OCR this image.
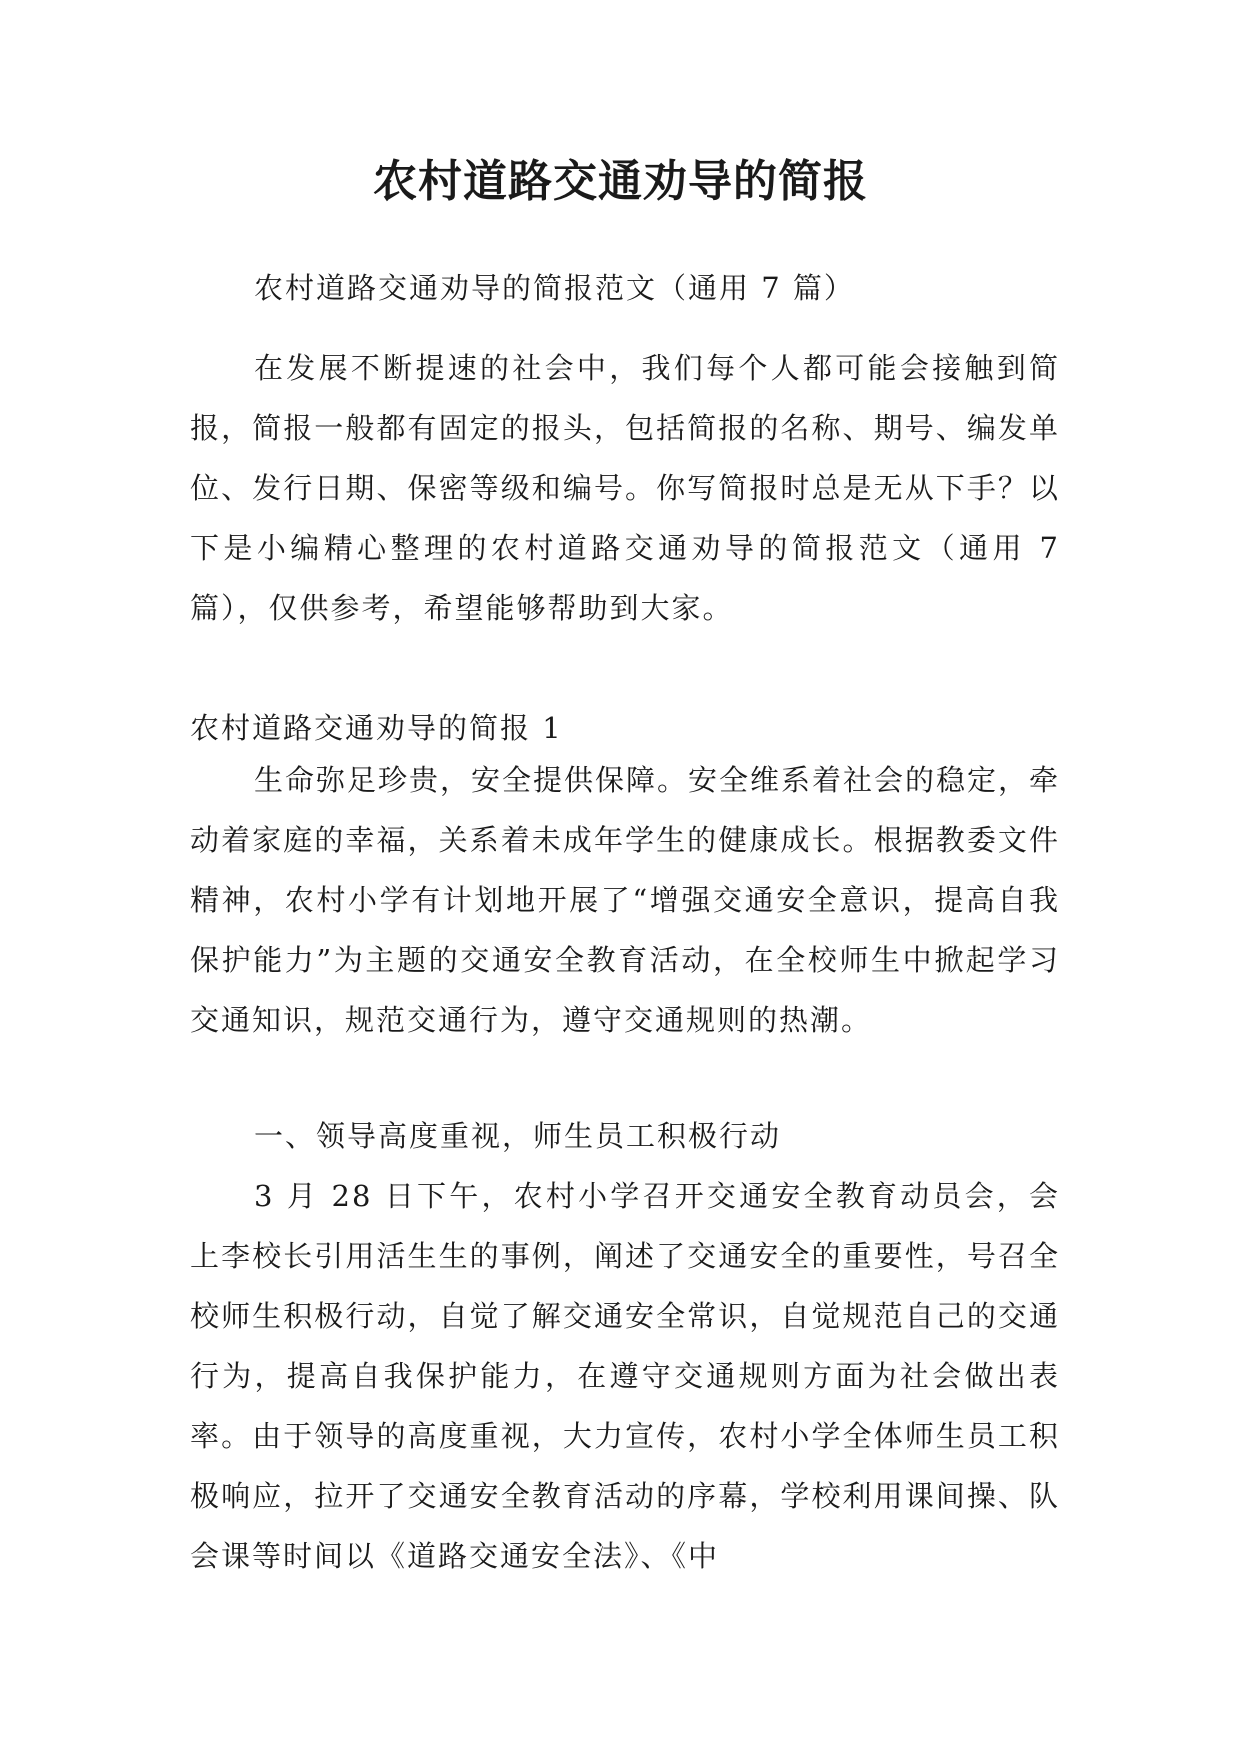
农村道路交通劝导的简报

农村道路交通劝导的简报范文（通用 7 篇）

在发展不断提速的社会中，我们每个人都可能会接触到简报，简报一般都有固定的报头，包括简报的名称、期号、编发单位、发行日期、保密等级和编号。你写简报时总是无从下手？以下是小编精心整理的农村道路交通劝导的简报范文（通用 7 篇），仅供参考，希望能够帮助到大家。

农村道路交通劝导的简报 1

生命弥足珍贵，安全提供保障。安全维系着社会的稳定，牵动着家庭的幸福，关系着未成年学生的健康成长。根据教委文件精神，农村小学有计划地开展了“增强交通安全意识，提高自我保护能力”为主题的交通安全教育活动，在全校师生中掀起学习交通知识，规范交通行为，遵守交通规则的热潮。

一、领导高度重视，师生员工积极行动

3 月 28 日下午，农村小学召开交通安全教育动员会，会上李校长引用活生生的事例，阐述了交通安全的重要性，号召全校师生积极行动，自觉了解交通安全常识，自觉规范自己的交通行为，提高自我保护能力，在遵守交通规则方面为社会做出表率。由于领导的高度重视，大力宣传，农村小学全体师生员工积极响应，拉开了交通安全教育活动的序幕，学校利用课间操、队会课等时间以《道路交通安全法》、《中
